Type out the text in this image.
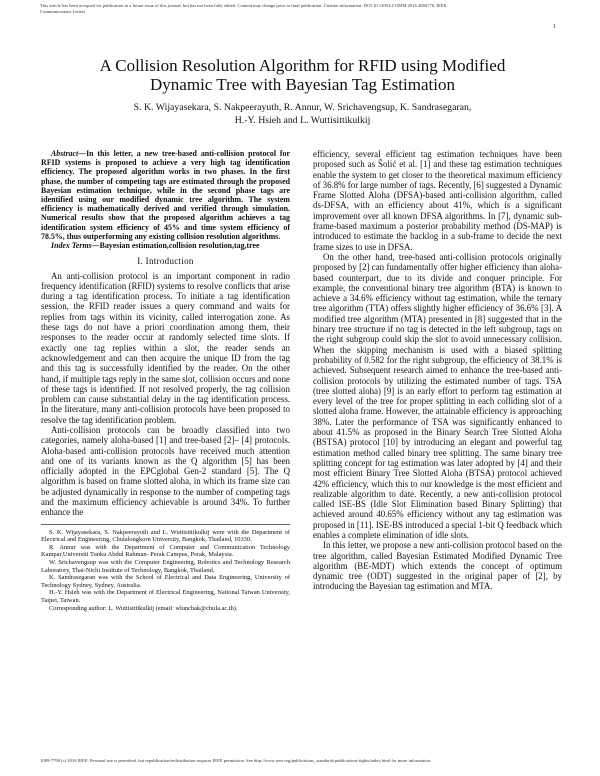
This article has been accepted for publication in a future issue of this journal, but has not been fully edited. Content may change prior to final publication. Citation information: DOI 10.1109/LCOMM.2016.2666776, IEEE
Communications Letters
1
A Collision Resolution Algorithm for RFID using Modified
Dynamic Tree with Bayesian Tag Estimation
S. K. Wijayasekara, S. Nakpeerayuth, R. Annur, W. Srichavengsup, K. Sandrasegaran,
H.-Y. Hsieh and L. Wuttisittikulkij

Abstract—In this letter, a new tree-based anti-collision protocol for RFID systems is proposed to achieve a very high tag identification efficiency. The proposed algorithm works in two phases. In the first phase, the number of competing tags are estimated through the proposed Bayesian estimation technique, while in the second phase tags are identified using our modified dynamic tree algorithm. The system efficiency is mathematically derived and verified through simulation. Numerical results show that the proposed algorithm achieves a tag identification system efficiency of 45% and time system efficiency of 78.5%, thus outperforming any existing collision resolution algorithms.

Index Terms—Bayesian estimation,collision resolution,tag,tree

I. Introduction

An anti-collision protocol is an important component in radio frequency identification (RFID) systems to resolve conflicts that arise during a tag identification process. To initiate a tag identification session, the RFID reader issues a query command and waits for replies from tags within its vicinity, called interrogation zone. As these tags do not have a priori coordination among them, their responses to the reader occur at randomly selected time slots. If exactly one tag replies within a slot, the reader sends an acknowledgement and can then acquire the unique ID from the tag and this tag is successfully identified by the reader. On the other hand, if multiple tags reply in the same slot, collision occurs and none of these tags is identified. If not resolved properly, the tag collision problem can cause substantial delay in the tag identification process. In the literature, many anti-collision protocols have been proposed to resolve the tag identification problem.

Anti-collision protocols can be broadly classified into two categories, namely aloha-based [1] and tree-based [2]– [4] protocols. Aloha-based anti-collision protocols have received much attention and one of its variants known as the Q algorithm [5] has been officially adopted in the EPCglobal Gen-2 standard [5]. The Q algorithm is based on frame slotted aloha, in which its frame size can be adjusted dynamically in response to the number of competing tags and the maximum efficiency achievable is around 34%. To further enhance the

S. K. Wijayasekara, S. Nakpeerayuth and L. Wuttisittikulkij were with the Department of Electrical and Engineering, Chulalongkorn University, Bangkok, Thailand, 10330.

R. Annur was with the Department of Computer and Communication Technology Kampar,Universiti Tunku Abdul Rahman- Perak Campus, Perak, Malaysia.

W. Srichavengsup was with the Computer Engineering, Robotics and Technology Research Laboratory, Thai-Nichi Institute of Technology, Bangkok, Thailand.

K. Sandrasegaran was with the School of Electrical and Data Engineering, University of Technology Sydney, Sydney, Australia.

H.-Y. Hsieh was with the Department of Electrical Engineering, National Taiwan University, Taipei, Taiwan.

Corresponding author: L. Wuttisittikulkij (email: wlunchak@chula.ac.th).

efficiency, several efficient tag estimation techniques have been proposed such as Šolić et al. [1] and these tag estimation techniques enable the system to get closer to the theoretical maximum efficiency of 36.8% for large number of tags. Recently, [6] suggested a Dynamic Frame Slotted Aloha (DFSA)-based anti-collision algorithm, called ds-DFSA, with an efficiency about 41%, which is a significant improvement over all known DFSA algorithms. In [7], dynamic sub-frame-based maximum a posterior probability method (DS-MAP) is introduced to estimate the backlog in a sub-frame to decide the next frame sizes to use in DFSA.

On the other hand, tree-based anti-collision protocols originally proposed by [2] can fundamentally offer higher efficiency than aloha-based counterpart, due to its divide and conquer principle. For example, the conventional binary tree algorithm (BTA) is known to achieve a 34.6% efficiency without tag estimation, while the ternary tree algorithm (TTA) offers slightly higher efficiency of 36.6% [3]. A modified tree algorithm (MTA) presented in [8] suggested that in the binary tree structure if no tag is detected in the left subgroup, tags on the right subgroup could skip the slot to avoid unnecessary collision. When the skipping mechanism is used with a biased splitting probability of 0.582 for the right subgroup, the efficiency of 38.1% is achieved. Subsequent research aimed to enhance the tree-based anti-collision protocols by utilizing the estimated number of tags. TSA (tree slotted aloha) [9] is an early effort to perform tag estimation at every level of the tree for proper splitting in each colliding slot of a slotted aloha frame. However, the attainable efficiency is approaching 38%. Later the performance of TSA was significantly enhanced to about 41.5% as proposed in the Binary Search Tree Slotted Aloha (BSTSA) protocol [10] by introducing an elegant and powerful tag estimation method called binary tree splitting. The same binary tree splitting concept for tag estimation was later adopted by [4] and their most efficient Binary Tree Slotted Aloha (BTSA) protocol achieved 42% efficiency, which this to our knowledge is the most efficient and realizable algorithm to date. Recently, a new anti-collision protocol called ISE-BS (Idle Slot Elimination based Binary Splitting) that achieved around 40.65% efficiency without any tag estimation was proposed in [11]. ISE-BS introduced a special 1-bit Q feedback which enables a complete elimination of idle slots.

In this letter, we propose a new anti-collision protocol based on the tree algorithm, called Bayesian Estimated Modified Dynamic Tree algorithm (BE-MDT) which extends the concept of optimum dynamic tree (ODT) suggested in the original paper of [2], by introducing the Bayesian tag estimation and MTA.

1089-7798 (c) 2016 IEEE. Personal use is permitted, but republication/redistribution requires IEEE permission. See http://www.ieee.org/publications_standards/publications/rights/index.html for more information.
